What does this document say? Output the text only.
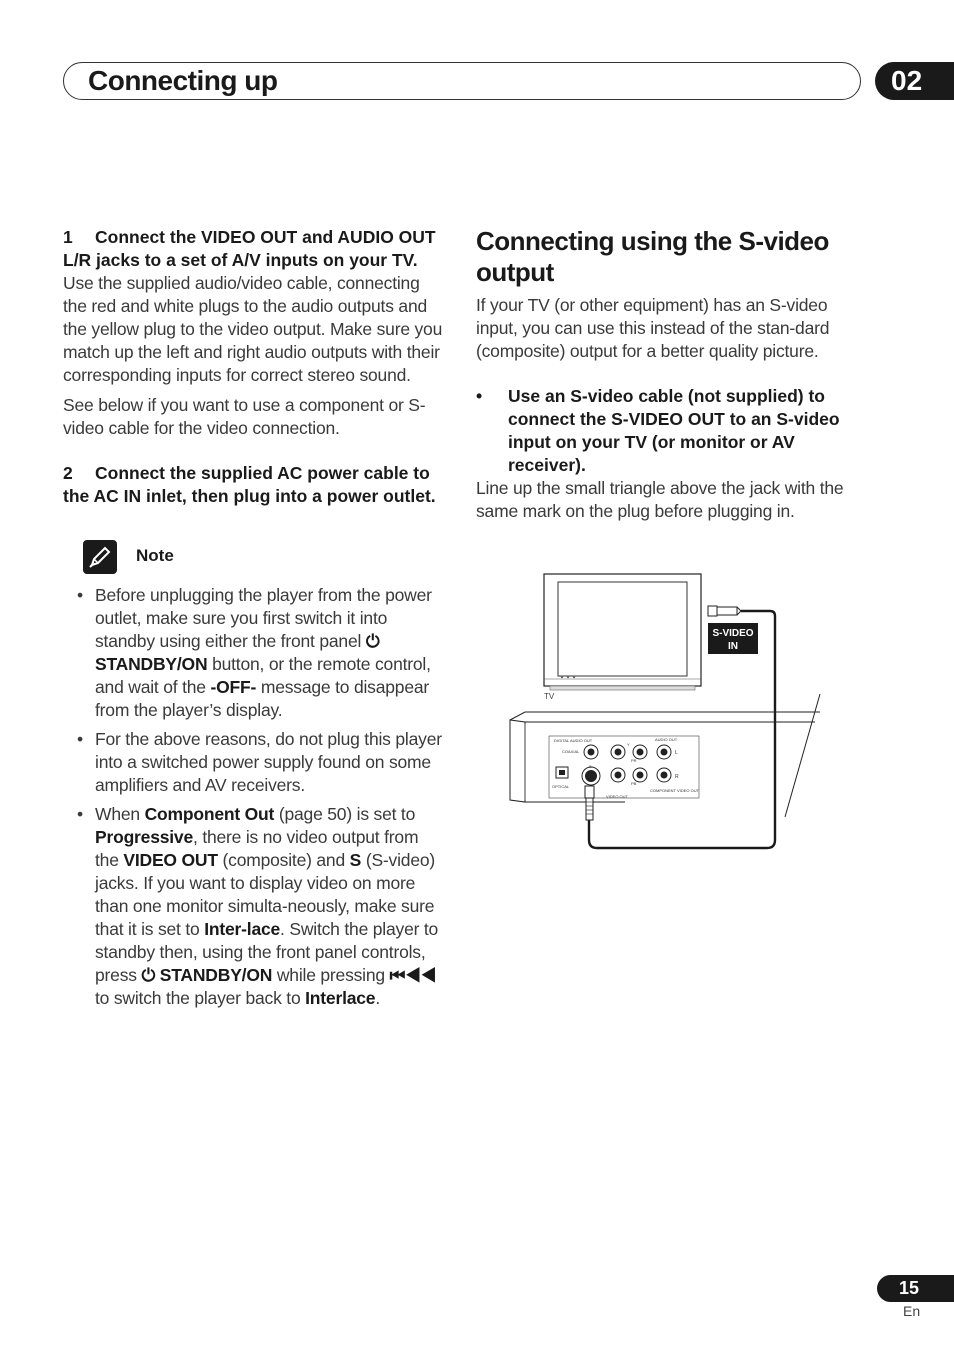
Connecting up	02

1 Connect the VIDEO OUT and AUDIO OUT L/R jacks to a set of A/V inputs on your TV.

Use the supplied audio/video cable, connecting the red and white plugs to the audio outputs and the yellow plug to the video output. Make sure you match up the left and right audio outputs with their corresponding inputs for correct stereo sound.

See below if you want to use a component or S-video cable for the video connection.

2 Connect the supplied AC power cable to the AC IN inlet, then plug into a power outlet.

Note
• Before unplugging the player from the power outlet, make sure you first switch it into standby using either the front panel ⏻ STANDBY/ON button, or the remote control, and wait of the -OFF- message to disappear from the player’s display.
• For the above reasons, do not plug this player into a switched power supply found on some amplifiers and AV receivers.
• When Component Out (page 50) is set to Progressive, there is no video output from the VIDEO OUT (composite) and S (S-video) jacks. If you want to display video on more than one monitor simulta-neously, make sure that it is set to Inter-lace. Switch the player to standby then, using the front panel controls, press ⏻ STANDBY/ON while pressing ⏮◀◀ to switch the player back to Interlace.
Connecting using the S-video output

If your TV (or other equipment) has an S-video input, you can use this instead of the stan-dard (composite) output for a better quality picture.

• Use an S-video cable (not supplied) to connect the S-VIDEO OUT to an S-video input on your TV (or monitor or AV receiver).

Line up the small triangle above the jack with the same mark on the plug before plugging in.

TV
S-VIDEO
IN
DIGITAL AUDIO OUT
COAXIAL
OPTICAL
S
VIDEO OUT
Y
PB
PR
AUDIO OUT
L
R
COMPONENT VIDEO OUT
15
En
